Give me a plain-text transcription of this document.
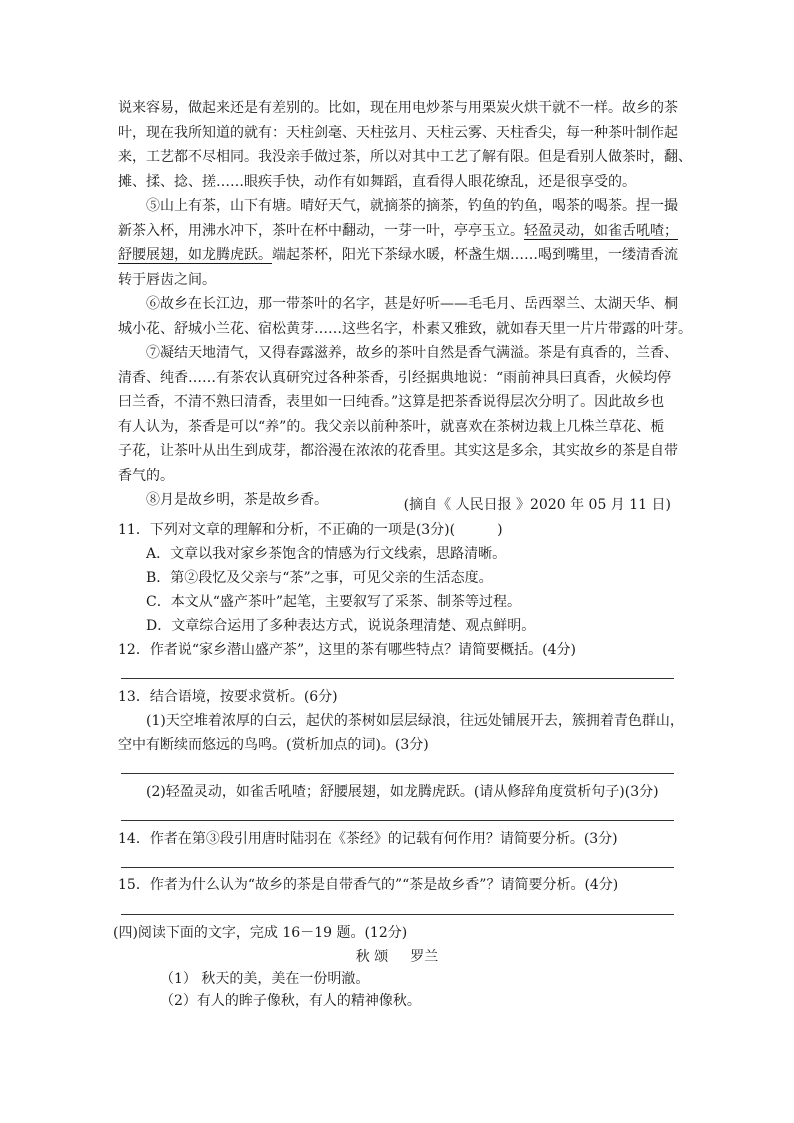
说来容易，做起来还是有差别的。比如，现在用电炒茶与用栗炭火烘干就不一样。故乡的茶
叶，现在我所知道的就有：天柱剑毫、天柱弦月、天柱云雾、天柱香尖，每一种茶叶制作起
来，工艺都不尽相同。我没亲手做过茶，所以对其中工艺了解有限。但是看别人做茶时，翻、
摊、揉、捻、搓……眼疾手快，动作有如舞蹈，直看得人眼花缭乱，还是很享受的。
⑤山上有茶，山下有塘。晴好天气，就摘茶的摘茶，钓鱼的钓鱼，喝茶的喝茶。捏一撮
新茶入杯，用沸水冲下，茶叶在杯中翻动，一芽一叶，亭亭玉立。轻盈灵动，如雀舌吼喳；
舒腰展翅，如龙腾虎跃。端起茶杯，阳光下茶绿水暖，杯盏生烟……喝到嘴里，一缕清香流
转于唇齿之间。
⑥故乡在长江边，那一带茶叶的名字，甚是好听——毛毛月、岳西翠兰、太湖天华、桐
城小花、舒城小兰花、宿松黄芽……这些名字，朴素又雅致，就如春天里一片片带露的叶芽。
⑦凝结天地清气，又得春露滋养，故乡的茶叶自然是香气满溢。茶是有真香的，兰香、
清香、纯香……有茶农认真研究过各种茶香，引经据典地说：“雨前神具曰真香，火候均停
曰兰香，不清不熟曰清香，表里如一曰纯香。”这算是把茶香说得层次分明了。因此故乡也
有人认为，茶香是可以“养”的。我父亲以前种茶叶，就喜欢在茶树边栽上几株兰草花、栀
子花，让茶叶从出生到成芽，都浴漫在浓浓的花香里。其实这是多余，其实故乡的茶是自带
香气的。
⑧月是故乡明，茶是故乡香。	(摘自《 人民日报 》2020 年 05 月 11 日)
11．下列对文章的理解和分析，不正确的一项是(3分)(　　　)
A．文章以我对家乡茶饱含的情感为行文线索，思路清晰。
B．第②段忆及父亲与“茶”之事，可见父亲的生活态度。
C．本文从“盛产茶叶”起笔，主要叙写了采茶、制茶等过程。
D．文章综合运用了多种表达方式，说说条理清楚、观点鲜明。
12．作者说“家乡潜山盛产茶”，这里的茶有哪些特点？请简要概括。(4分)
13．结合语境，按要求赏析。(6分)
(1)天空堆着浓厚的白云，起伏的茶树如层层绿浪，往远处铺展开去，簇拥着青色群山，
空中有断续而悠远的鸟鸣。(赏析加点的词)。(3分)
(2)轻盈灵动，如雀舌吼喳；舒腰展翅，如龙腾虎跃。(请从修辞角度赏析句子)(3分)
14．作者在第③段引用唐时陆羽在《茶经》的记载有何作用？请简要分析。(3分)
15．作者为什么认为“故乡的茶是自带香气的”“茶是故乡香”？请简要分析。(4分)
(四)阅读下面的文字，完成 16－19 题。(12分)
秋 颂 罗兰
（1） 秋天的美，美在一份明澈。
（2）有人的眸子像秋，有人的精神像秋。
